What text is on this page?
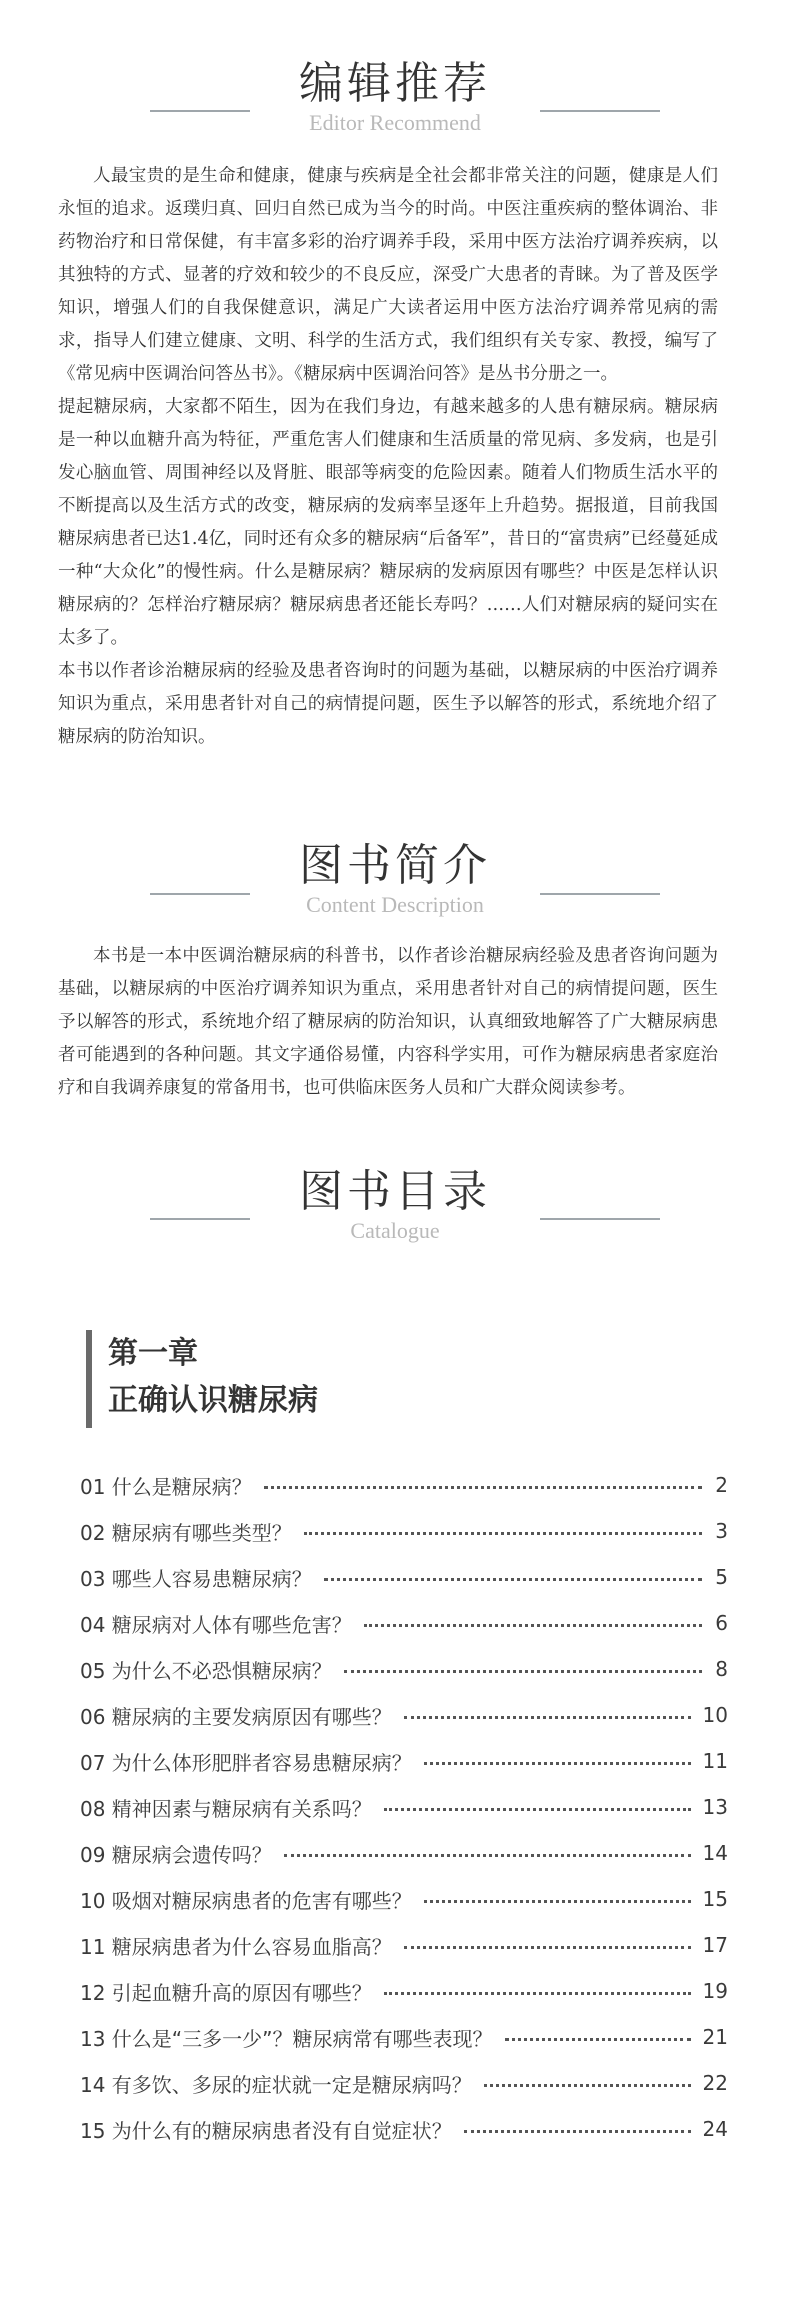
编辑推荐
Editor Recommend

人最宝贵的是生命和健康，健康与疾病是全社会都非常关注的问题，健康是人们永恒的追求。返璞归真、回归自然已成为当今的时尚。中医注重疾病的整体调治、非药物治疗和日常保健，有丰富多彩的治疗调养手段，采用中医方法治疗调养疾病，以其独特的方式、显著的疗效和较少的不良反应，深受广大患者的青睐。为了普及医学知识，增强人们的自我保健意识，满足广大读者运用中医方法治疗调养常见病的需求，指导人们建立健康、文明、科学的生活方式，我们组织有关专家、教授，编写了《常见病中医调治问答丛书》。《糖尿病中医调治问答》是丛书分册之一。

提起糖尿病，大家都不陌生，因为在我们身边，有越来越多的人患有糖尿病。糖尿病是一种以血糖升高为特征，严重危害人们健康和生活质量的常见病、多发病，也是引发心脑血管、周围神经以及肾脏、眼部等病变的危险因素。随着人们物质生活水平的不断提高以及生活方式的改变，糖尿病的发病率呈逐年上升趋势。据报道，目前我国糖尿病患者已达1.4亿，同时还有众多的糖尿病“后备军”，昔日的“富贵病”已经蔓延成一种“大众化”的慢性病。什么是糖尿病？糖尿病的发病原因有哪些？中医是怎样认识糖尿病的？怎样治疗糖尿病？糖尿病患者还能长寿吗？……人们对糖尿病的疑问实在太多了。

本书以作者诊治糖尿病的经验及患者咨询时的问题为基础，以糖尿病的中医治疗调养知识为重点，采用患者针对自己的病情提问题，医生予以解答的形式，系统地介绍了糖尿病的防治知识。

图书简介
Content Description

本书是一本中医调治糖尿病的科普书，以作者诊治糖尿病经验及患者咨询问题为基础，以糖尿病的中医治疗调养知识为重点，采用患者针对自己的病情提问题，医生予以解答的形式，系统地介绍了糖尿病的防治知识，认真细致地解答了广大糖尿病患者可能遇到的各种问题。其文字通俗易懂，内容科学实用，可作为糖尿病患者家庭治疗和自我调养康复的常备用书，也可供临床医务人员和广大群众阅读参考。

图书目录
Catalogue
第一章
正确认识糖尿病
01 什么是糖尿病？	2
02 糖尿病有哪些类型？	3
03 哪些人容易患糖尿病？	5
04 糖尿病对人体有哪些危害？	6
05 为什么不必恐惧糖尿病？	8
06 糖尿病的主要发病原因有哪些？	10
07 为什么体形肥胖者容易患糖尿病？	11
08 精神因素与糖尿病有关系吗？	13
09 糖尿病会遗传吗？	14
10 吸烟对糖尿病患者的危害有哪些？	15
11 糖尿病患者为什么容易血脂高？	17
12 引起血糖升高的原因有哪些？	19
13 什么是“三多一少”？糖尿病常有哪些表现？	21
14 有多饮、多尿的症状就一定是糖尿病吗？	22
15 为什么有的糖尿病患者没有自觉症状？	24
